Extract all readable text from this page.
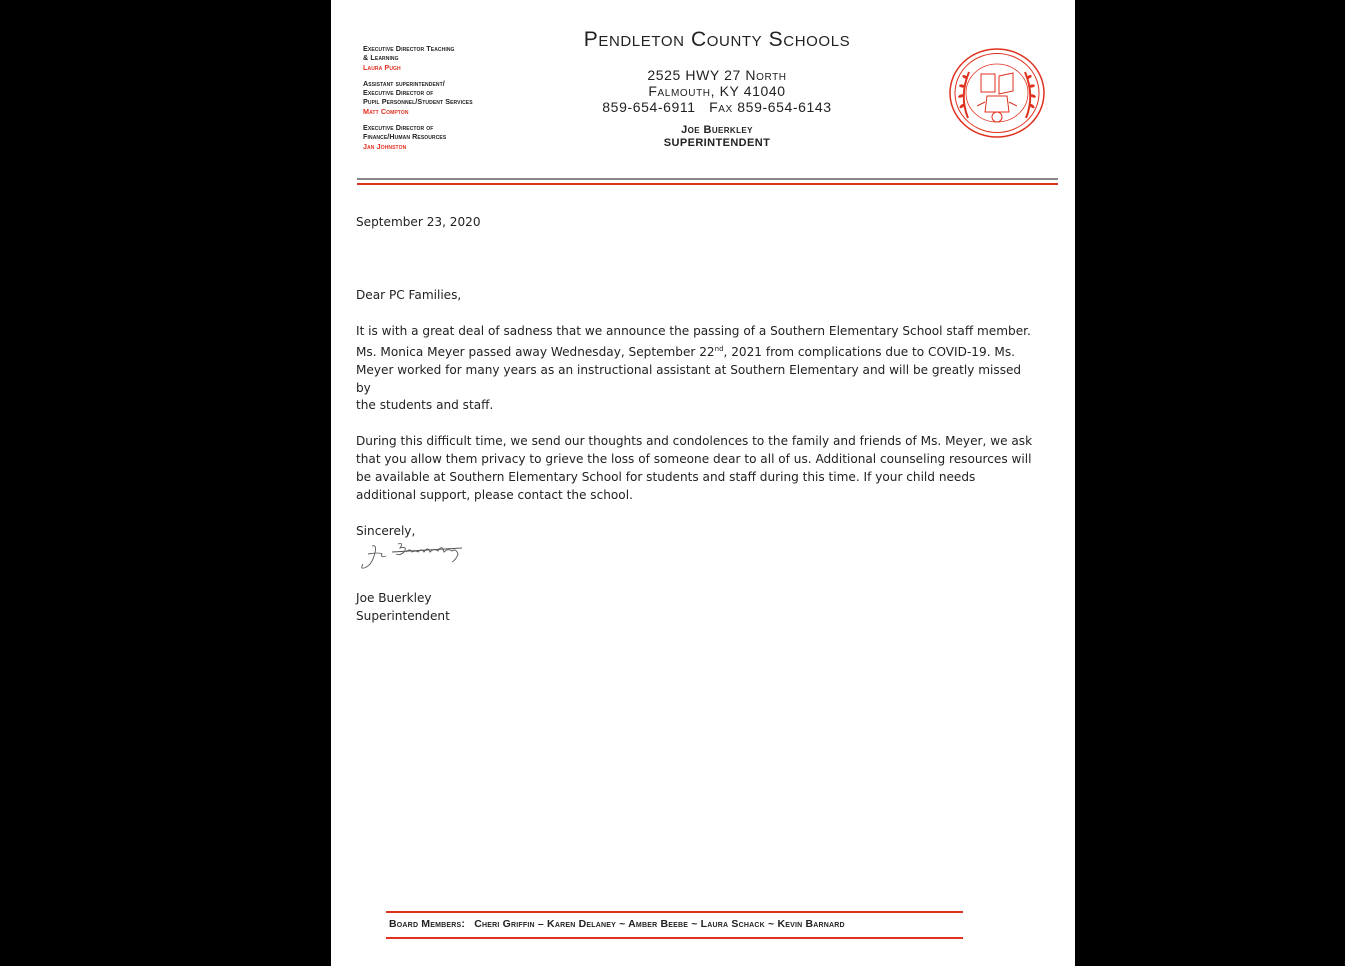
Executive Director Teaching
& Learning
Laura Pugh
Assistant superintendent/
Executive Director of
Pupil Personnel/Student Services
Matt Compton
Executive Director of
Finance/Human Resources
Jan Johnston
Pendleton County Schools
2525 HWY 27 North
Falmouth, KY 41040
859-654-6911   Fax 859-654-6143
Joe Buerkley
SUPERINTENDENT

September 23, 2020

Dear PC Families,

It is with a great deal of sadness that we announce the passing of a Southern Elementary School staff member.
Ms. Monica Meyer passed away Wednesday, September 22nd, 2021 from complications due to COVID-19. Ms.
Meyer worked for many years as an instructional assistant at Southern Elementary and will be greatly missed by
the students and staff.
During this difficult time, we send our thoughts and condolences to the family and friends of Ms. Meyer, we ask
that you allow them privacy to grieve the loss of someone dear to all of us. Additional counseling resources will
be available at Southern Elementary School for students and staff during this time. If your child needs
additional support, please contact the school.

Sincerely,

Joe Buerkley
Superintendent
Board Members: Cheri Griffin – Karen Delaney ~ Amber Beebe ~ Laura Schack ~ Kevin Barnard
